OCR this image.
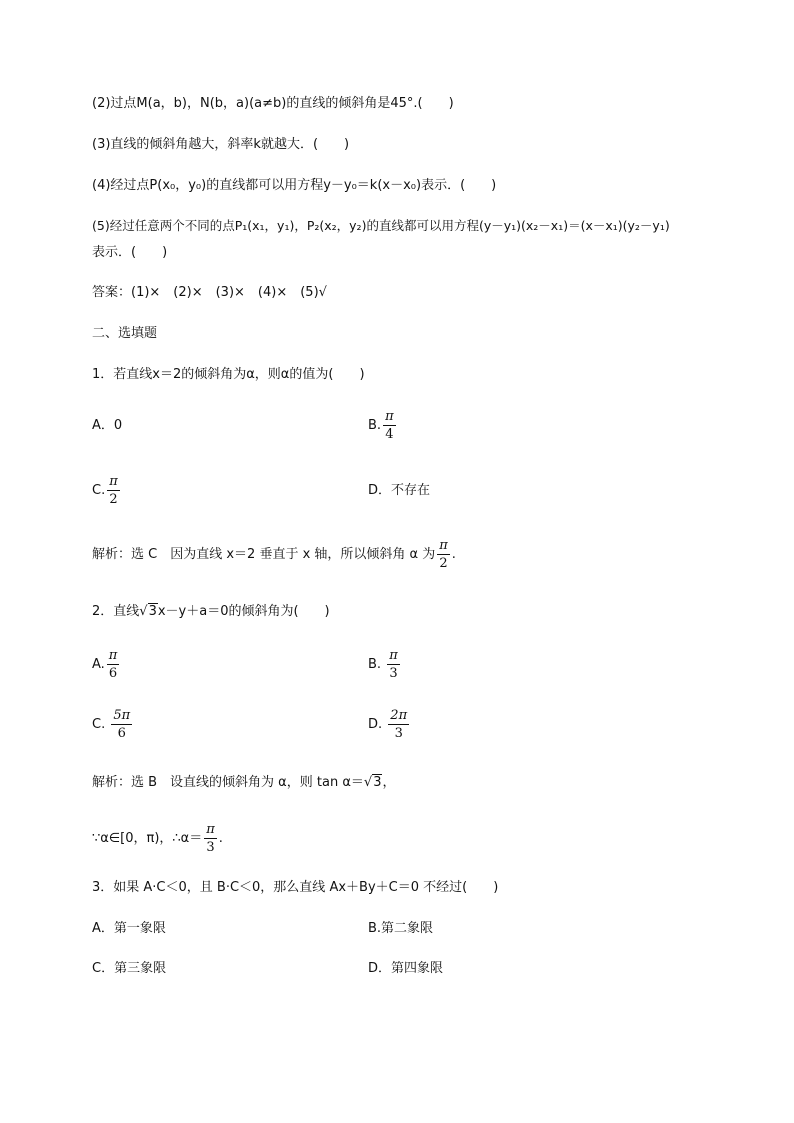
(2)过点M(a，b)，N(b，a)(a≠b)的直线的倾斜角是45°.(　　)
(3)直线的倾斜角越大，斜率k就越大．(　　)
(4)经过点P(x₀，y₀)的直线都可以用方程y－y₀＝k(x－x₀)表示．(　　)
(5)经过任意两个不同的点P₁(x₁，y₁)，P₂(x₂，y₂)的直线都可以用方程(y－y₁)(x₂－x₁)＝(x－x₁)(y₂－y₁)
表示．(　　)
答案：(1)×　(2)×　(3)×　(4)×　(5)√
二、选填题
1．若直线x＝2的倾斜角为α，则α的值为(　　)
A．0	B. $\frac{\pi}{4}$
C. $\frac{\pi}{2}$	D．不存在
解析：选 C　因为直线 x＝2 垂直于 x 轴，所以倾斜角 α 为 $\frac{\pi}{2}$ .
2．直线√3x－y＋a＝0的倾斜角为(　　)
A. $\frac{\pi}{6}$	B. $\frac{\pi}{3}$
C. $\frac{5\pi}{6}$	D. $\frac{2\pi}{3}$
解析：选 B　设直线的倾斜角为 α，则 tan α＝√3，
∵α∈[0，π)，∴α＝ $\frac{\pi}{3}$ .
3．如果 A·C＜0，且 B·C＜0，那么直线 Ax＋By＋C＝0 不经过(　　)
A．第一象限	B.第二象限
C．第三象限	D．第四象限
